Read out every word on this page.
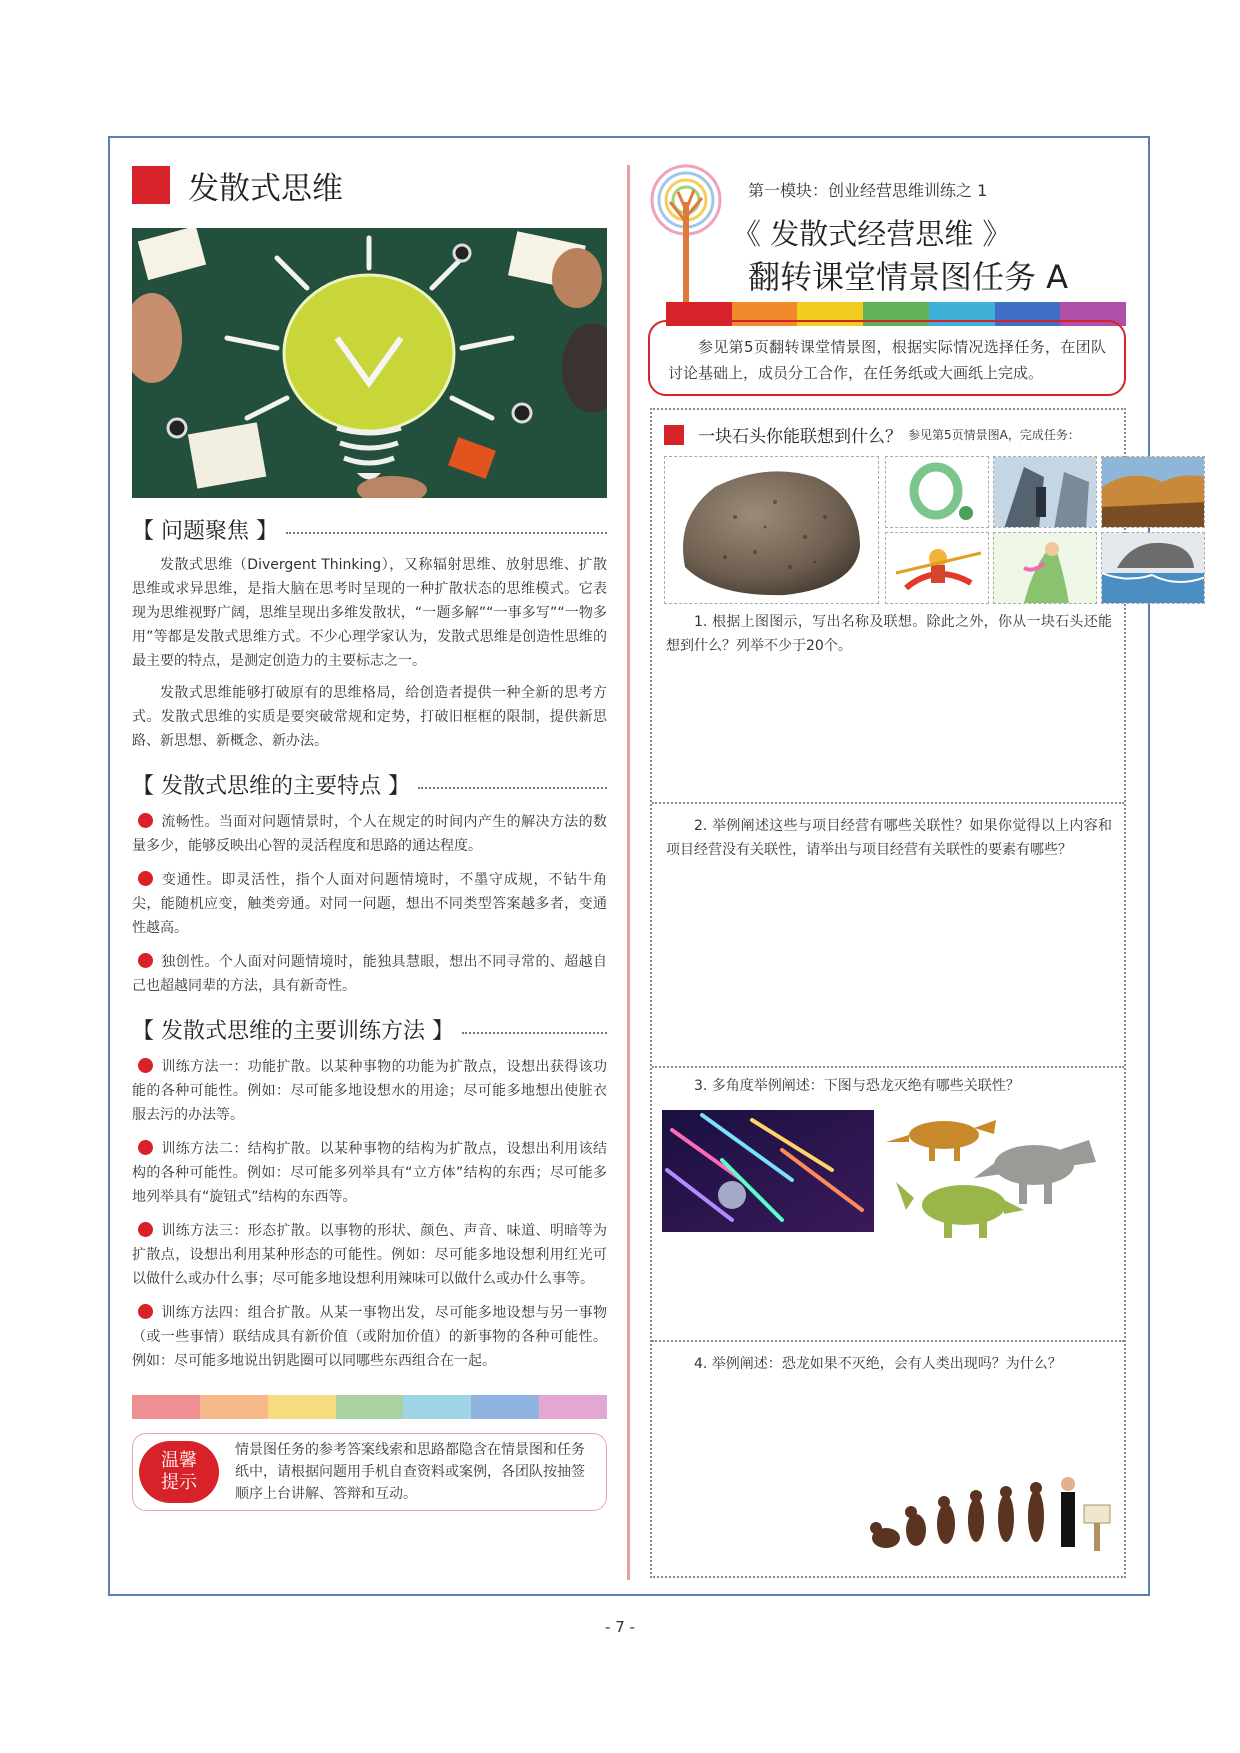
发散式思维
【 问题聚焦 】
发散式思维（Divergent Thinking），又称辐射思维、放射思维、扩散思维或求异思维，是指大脑在思考时呈现的一种扩散状态的思维模式。它表现为思维视野广阔，思维呈现出多维发散状，“一题多解”“一事多写”“一物多用”等都是发散式思维方式。不少心理学家认为，发散式思维是创造性思维的最主要的特点，是测定创造力的主要标志之一。
发散式思维能够打破原有的思维格局，给创造者提供一种全新的思考方式。发散式思维的实质是要突破常规和定势，打破旧框框的限制，提供新思路、新思想、新概念、新办法。
【 发散式思维的主要特点 】
流畅性。当面对问题情景时，个人在规定的时间内产生的解决方法的数量多少，能够反映出心智的灵活程度和思路的通达程度。
变通性。即灵活性，指个人面对问题情境时，不墨守成规，不钻牛角尖，能随机应变，触类旁通。对同一问题，想出不同类型答案越多者，变通性越高。
独创性。个人面对问题情境时，能独具慧眼，想出不同寻常的、超越自己也超越同辈的方法，具有新奇性。
【 发散式思维的主要训练方法 】
训练方法一：功能扩散。以某种事物的功能为扩散点，设想出获得该功能的各种可能性。例如：尽可能多地设想水的用途；尽可能多地想出使脏衣服去污的办法等。
训练方法二：结构扩散。以某种事物的结构为扩散点，设想出利用该结构的各种可能性。例如：尽可能多列举具有“立方体”结构的东西；尽可能多地列举具有“旋钮式”结构的东西等。
训练方法三：形态扩散。以事物的形状、颜色、声音、味道、明暗等为扩散点，设想出利用某种形态的可能性。例如：尽可能多地设想利用红光可以做什么或办什么事；尽可能多地设想利用辣味可以做什么或办什么事等。
训练方法四：组合扩散。从某一事物出发，尽可能多地设想与另一事物（或一些事情）联结成具有新价值（或附加价值）的新事物的各种可能性。例如：尽可能多地说出钥匙圈可以同哪些东西组合在一起。
温馨
提示
情景图任务的参考答案线索和思路都隐含在情景图和任务纸中，请根据问题用手机自查资料或案例，各团队按抽签顺序上台讲解、答辩和互动。
第一模块：创业经营思维训练之 1
《 发散式经营思维 》
翻转课堂情景图任务 A
参见第5页翻转课堂情景图，根据实际情况选择任务，在团队讨论基础上，成员分工合作，在任务纸或大画纸上完成。
一块石头你能联想到什么？ 参见第5页情景图A，完成任务：
1. 根据上图图示，写出名称及联想。除此之外，你从一块石头还能想到什么？列举不少于20个。
2. 举例阐述这些与项目经营有哪些关联性？如果你觉得以上内容和项目经营没有关联性，请举出与项目经营有关联性的要素有哪些？
3. 多角度举例阐述：下图与恐龙灭绝有哪些关联性？
4. 举例阐述：恐龙如果不灭绝，会有人类出现吗？为什么？
- 7 -
